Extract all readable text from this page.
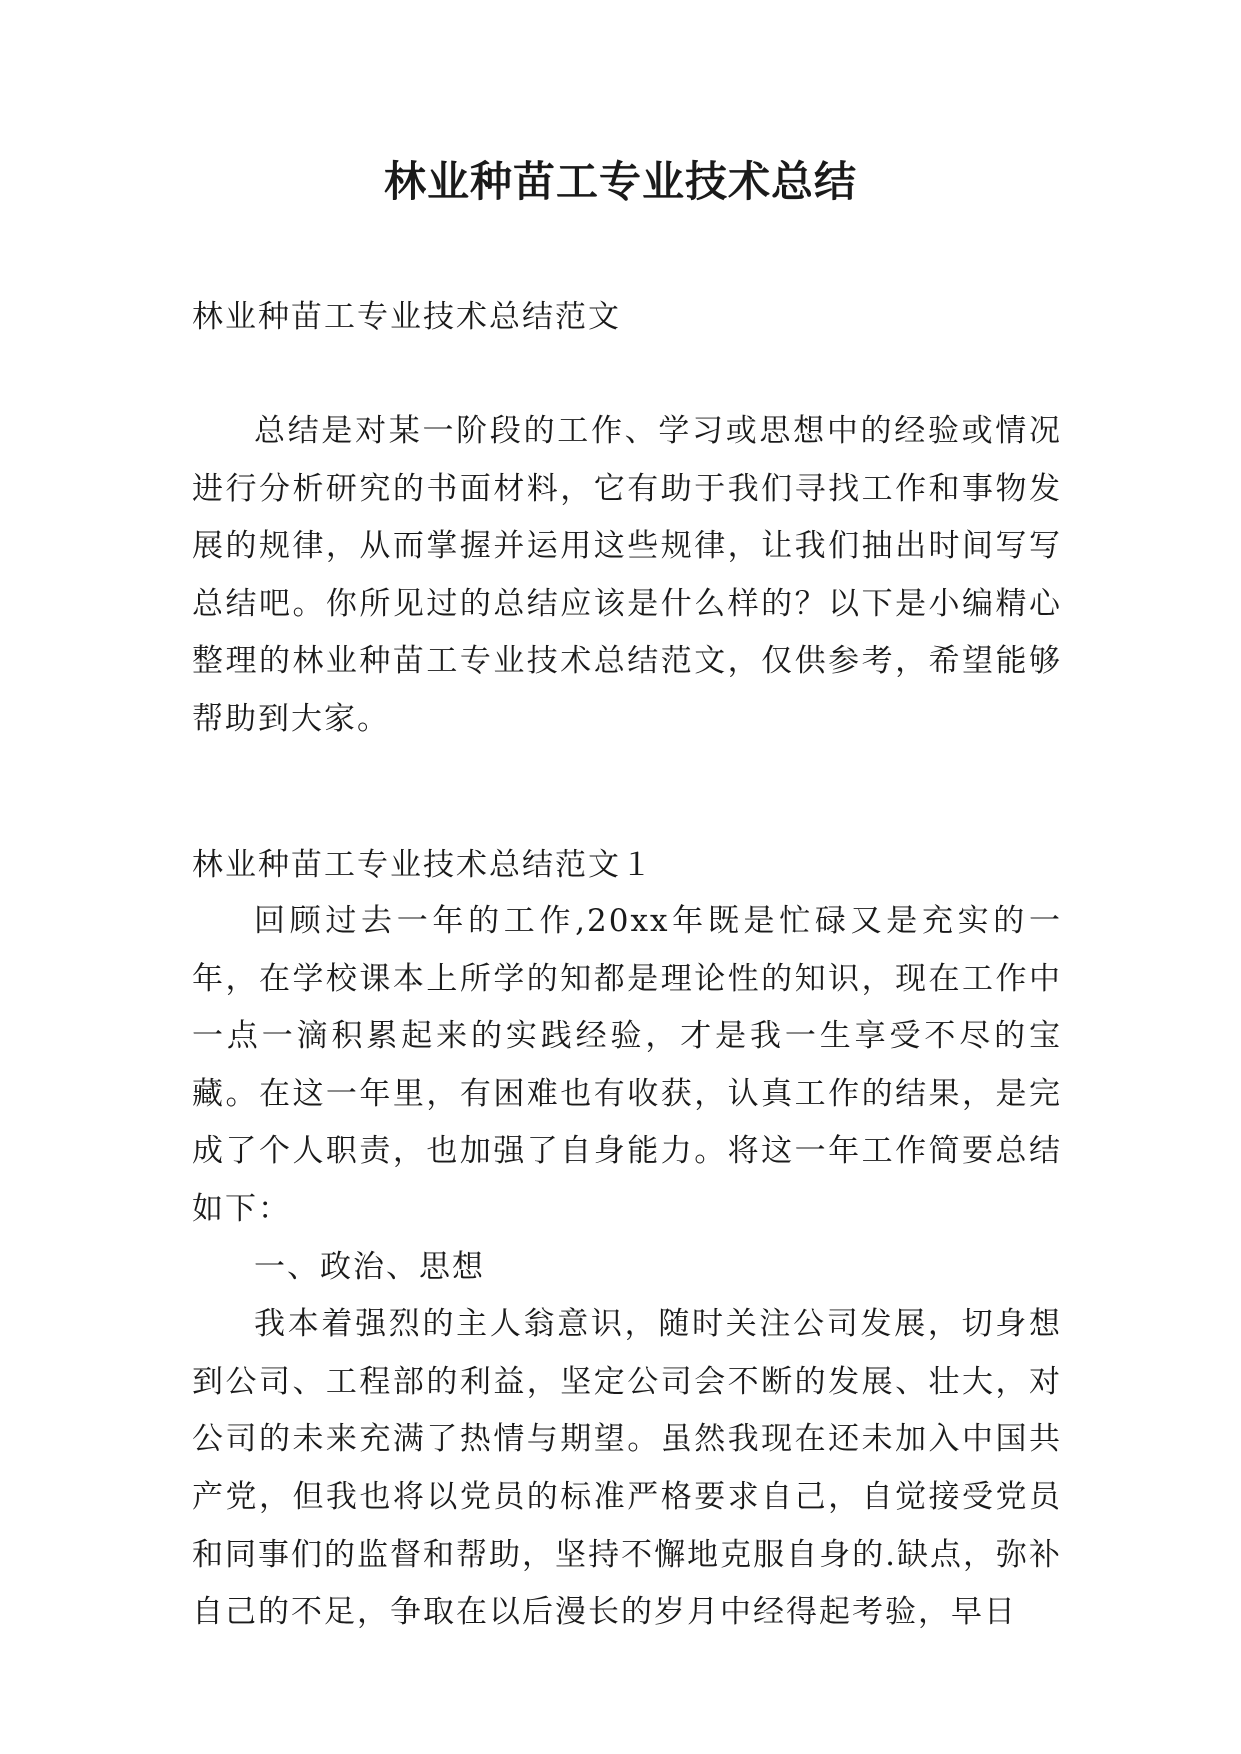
林业种苗工专业技术总结

林业种苗工专业技术总结范文

总结是对某一阶段的工作、学习或思想中的经验或情况进行分析研究的书面材料，它有助于我们寻找工作和事物发展的规律，从而掌握并运用这些规律，让我们抽出时间写写总结吧。你所见过的总结应该是什么样的？以下是小编精心整理的林业种苗工专业技术总结范文，仅供参考，希望能够帮助到大家。

林业种苗工专业技术总结范文１

回顾过去一年的工作,20xx年既是忙碌又是充实的一年，在学校课本上所学的知都是理论性的知识，现在工作中一点一滴积累起来的实践经验，才是我一生享受不尽的宝藏。在这一年里，有困难也有收获，认真工作的结果，是完成了个人职责，也加强了自身能力。将这一年工作简要总结如下：

一、政治、思想

我本着强烈的主人翁意识，随时关注公司发展，切身想到公司、工程部的利益，坚定公司会不断的发展、壮大，对公司的未来充满了热情与期望。虽然我现在还未加入中国共产党，但我也将以党员的标准严格要求自己，自觉接受党员和同事们的监督和帮助，坚持不懈地克服自身的.缺点，弥补自己的不足，争取在以后漫长的岁月中经得起考验，早日
